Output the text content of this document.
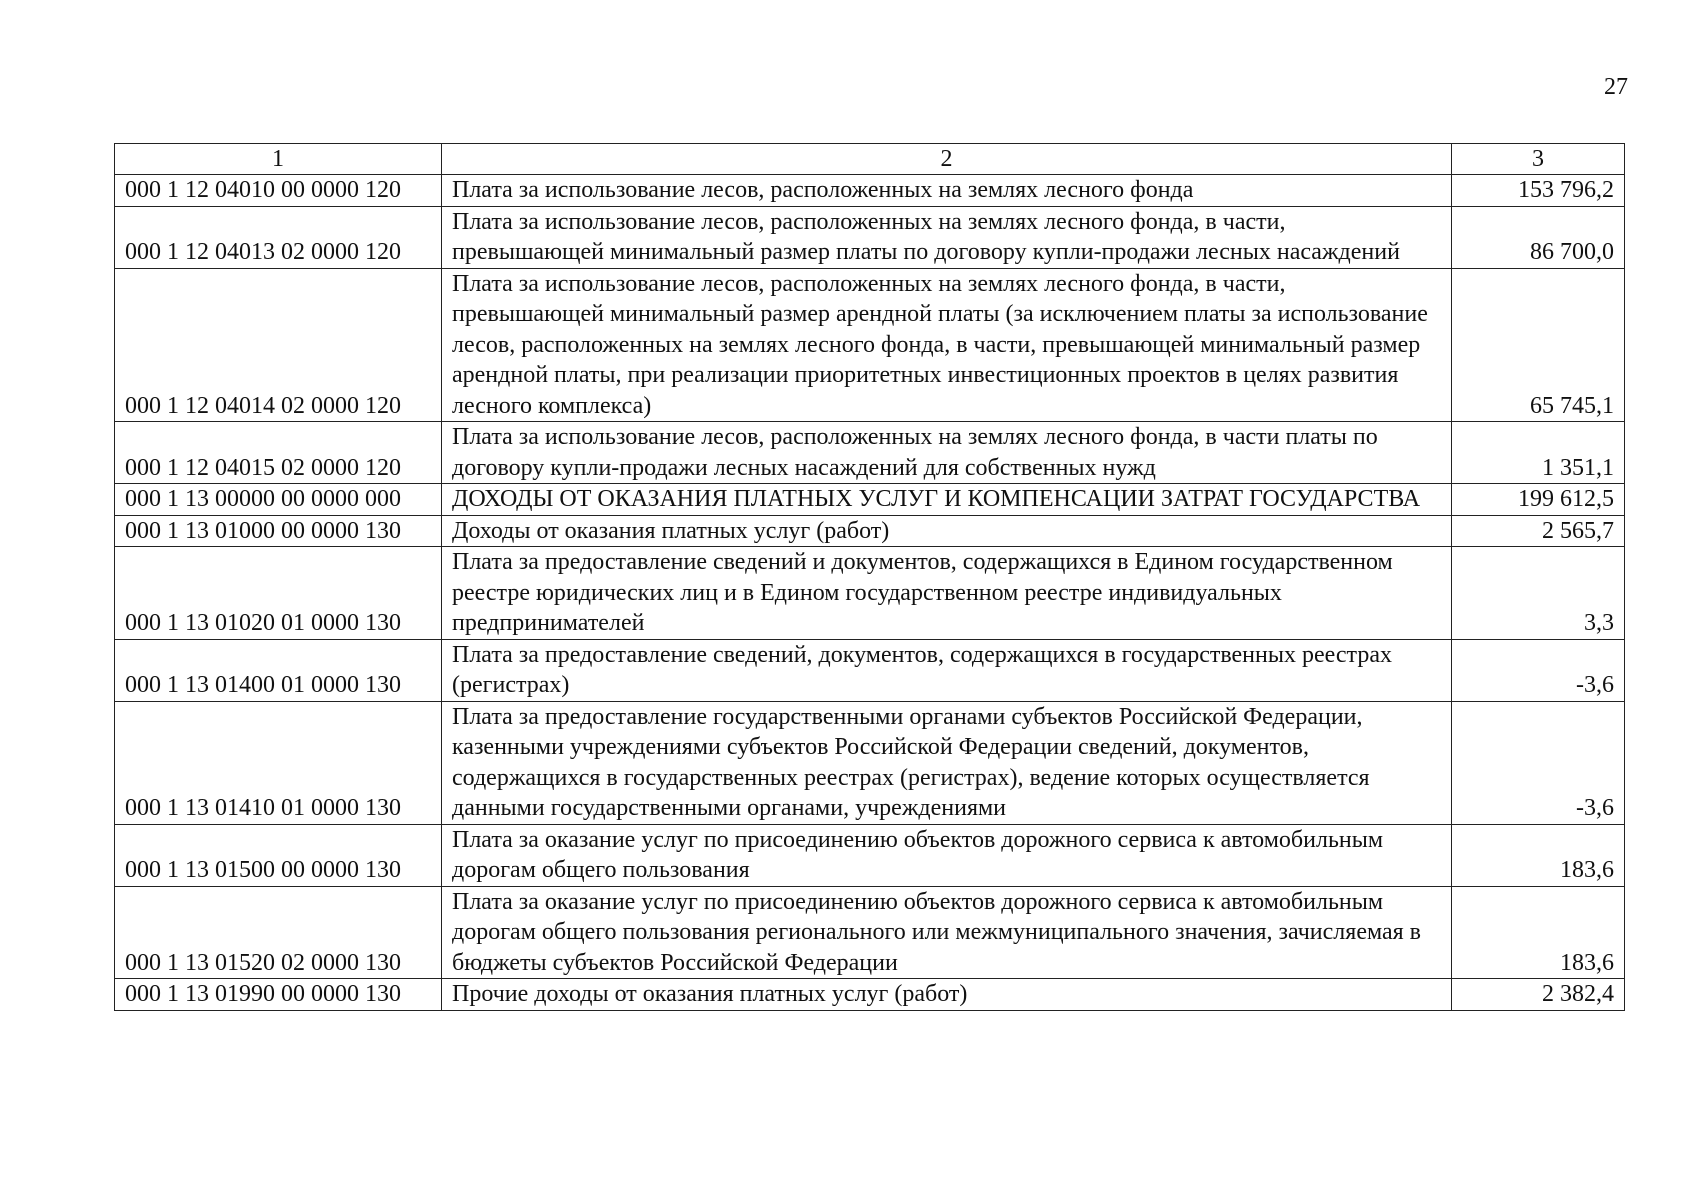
27
1	2	3
000 1 12 04010 00 0000 120	Плата за использование лесов, расположенных на землях лесного фонда	153 796,2
000 1 12 04013 02 0000 120	Плата за использование лесов, расположенных на землях лесного фонда, в части, превышающей минимальный размер платы по договору купли-продажи лесных насаждений	86 700,0
000 1 12 04014 02 0000 120	Плата за использование лесов, расположенных на землях лесного фонда, в части, превышающей минимальный размер арендной платы (за исключением платы за использование лесов, расположенных на землях лесного фонда, в части, превышающей минимальный размер арендной платы, при реализации приоритетных инвестиционных проектов в целях развития лесного комплекса)	65 745,1
000 1 12 04015 02 0000 120	Плата за использование лесов, расположенных на землях лесного фонда, в части платы по договору купли-продажи лесных насаждений для собственных нужд	1 351,1
000 1 13 00000 00 0000 000	ДОХОДЫ ОТ ОКАЗАНИЯ ПЛАТНЫХ УСЛУГ И КОМПЕНСАЦИИ ЗАТРАТ ГОСУДАРСТВА	199 612,5
000 1 13 01000 00 0000 130	Доходы от оказания платных услуг (работ)	2 565,7
000 1 13 01020 01 0000 130	Плата за предоставление сведений и документов, содержащихся в Едином государственном реестре юридических лиц и в Едином государственном реестре индивидуальных предпринимателей	3,3
000 1 13 01400 01 0000 130	Плата за предоставление сведений, документов, содержащихся в государственных реестрах (регистрах)	-3,6
000 1 13 01410 01 0000 130	Плата за предоставление государственными органами субъектов Российской Федерации, казенными учреждениями субъектов Российской Федерации сведений, документов, содержащихся в государственных реестрах (регистрах), ведение которых осуществляется данными государственными органами, учреждениями	-3,6
000 1 13 01500 00 0000 130	Плата за оказание услуг по присоединению объектов дорожного сервиса к автомобильным дорогам общего пользования	183,6
000 1 13 01520 02 0000 130	Плата за оказание услуг по присоединению объектов дорожного сервиса к автомобильным дорогам общего пользования регионального или межмуниципального значения, зачисляемая в бюджеты субъектов Российской Федерации	183,6
000 1 13 01990 00 0000 130	Прочие доходы от оказания платных услуг (работ)	2 382,4
